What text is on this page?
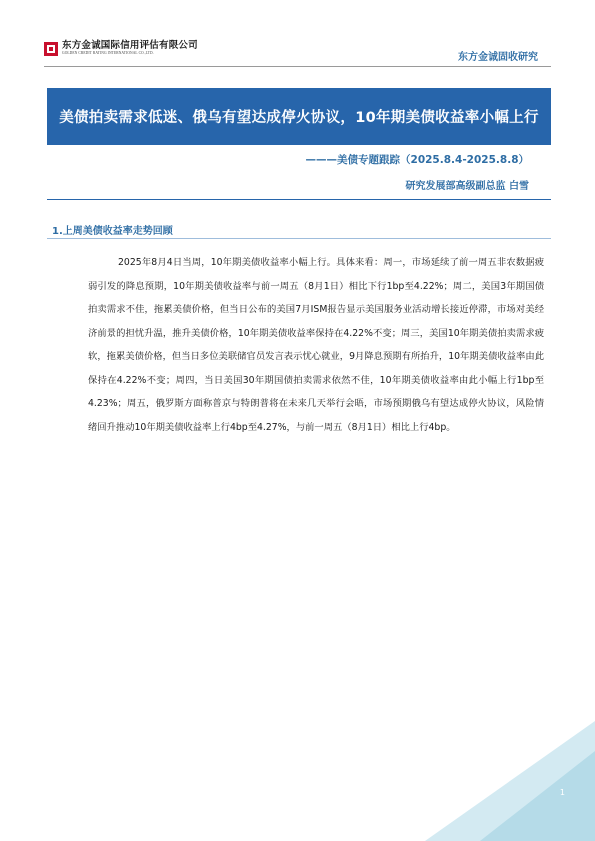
东方金诚国际信用评估有限公司
GOLDEN CREDIT RATING INTERNATIONAL CO.,LTD.	东方金诚固收研究
美债拍卖需求低迷、俄乌有望达成停火协议，10年期美债收益率小幅上行
———美债专题跟踪（2025.8.4-2025.8.8）
研究发展部高级副总监 白雪
1.上周美债收益率走势回顾

2025年8月4日当周，10年期美债收益率小幅上行。具体来看：周一，市场延续了前一周五非农数据疲弱引发的降息预期，10年期美债收益率与前一周五（8月1日）相比下行1bp至4.22%；周二，美国3年期国债拍卖需求不佳，拖累美债价格，但当日公布的美国7月ISM报告显示美国服务业活动增长接近停滞，市场对美经济前景的担忧升温，推升美债价格，10年期美债收益率保持在4.22%不变；周三，美国10年期美债拍卖需求疲软，拖累美债价格，但当日多位美联储官员发言表示忧心就业，9月降息预期有所抬升，10年期美债收益率由此保持在4.22%不变；周四，当日美国30年期国债拍卖需求依然不佳，10年期美债收益率由此小幅上行1bp至4.23%；周五，俄罗斯方面称普京与特朗普将在未来几天举行会晤，市场预期俄乌有望达成停火协议，风险情绪回升推动10年期美债收益率上行4bp至4.27%，与前一周五（8月1日）相比上行4bp。

1
